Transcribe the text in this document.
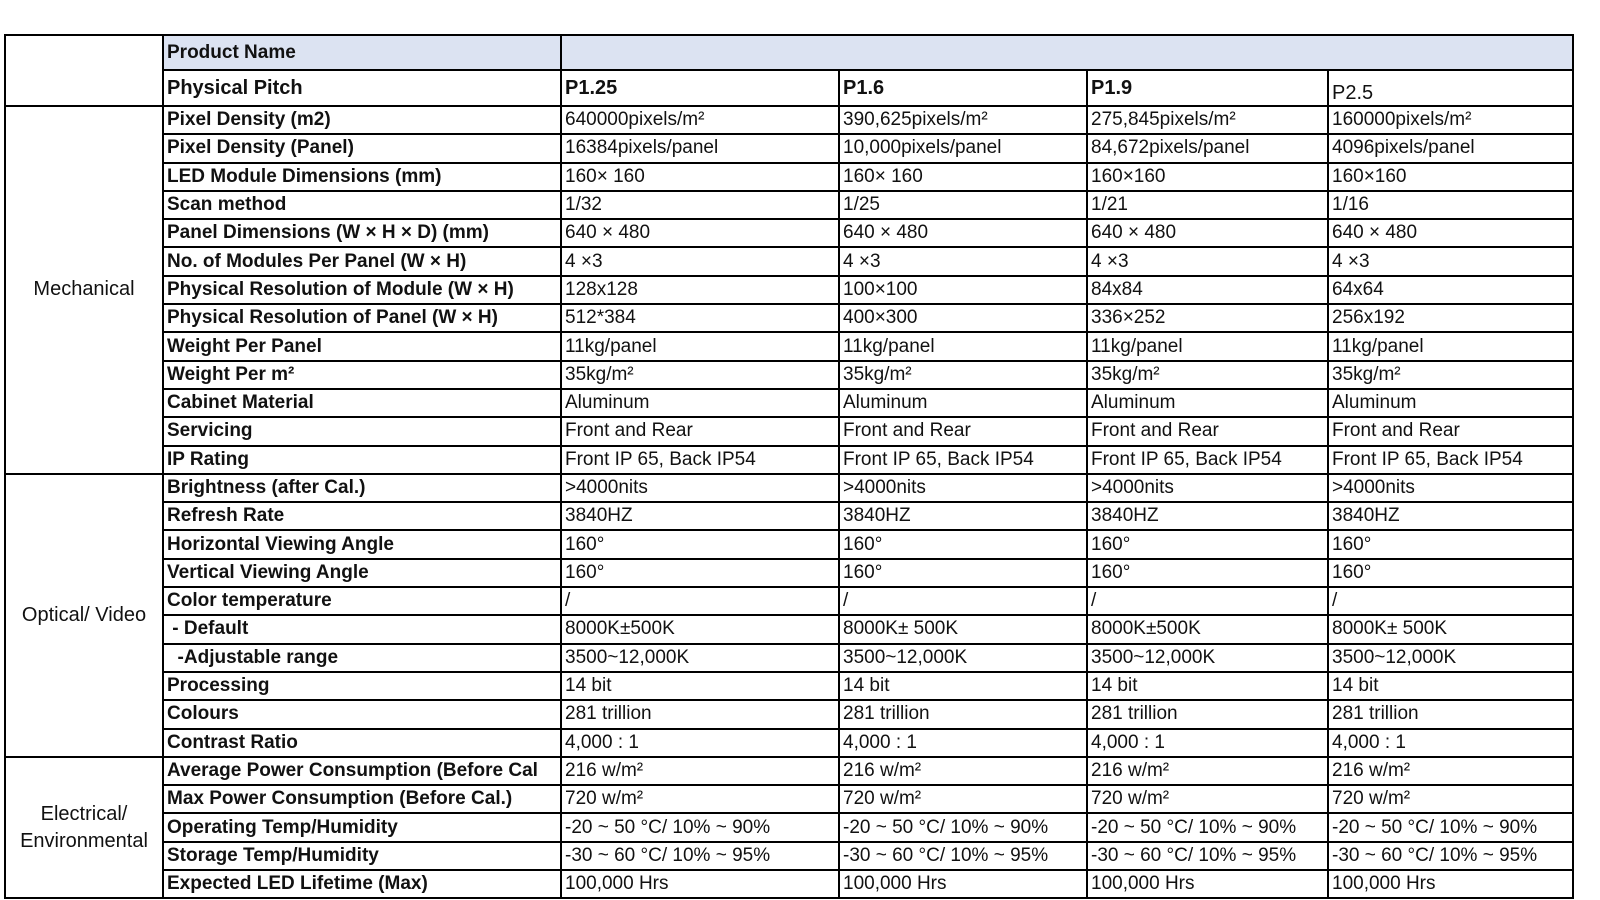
	Product Name				
	Physical Pitch	P1.25	P1.6	P1.9	P2.5
Mechanical	Pixel Density (m2)	640000pixels/m²	390,625pixels/m²	275,845pixels/m²	160000pixels/m²
	Pixel Density (Panel)	16384pixels/panel	10,000pixels/panel	84,672pixels/panel	4096pixels/panel
	LED Module Dimensions (mm)	160× 160	160× 160	160×160	160×160
	Scan method	1/32	1/25	1/21	1/16
	Panel Dimensions (W × H × D) (mm)	640 × 480	640 × 480	640 × 480	640 × 480
	No. of Modules Per Panel (W × H)	4 ×3	4 ×3	4 ×3	4 ×3
	Physical Resolution of Module (W × H)	128x128	100×100	84x84	64x64
	Physical Resolution of Panel (W × H)	512*384	400×300	336×252	256x192
	Weight Per Panel	11kg/panel	11kg/panel	11kg/panel	11kg/panel
	Weight Per m²	35kg/m²	35kg/m²	35kg/m²	35kg/m²
	Cabinet Material	Aluminum	Aluminum	Aluminum	Aluminum
	Servicing	Front and Rear	Front and Rear	Front and Rear	Front and Rear
	IP Rating	Front IP 65, Back IP54	Front IP 65, Back IP54	Front IP 65, Back IP54	Front IP 65, Back IP54
Optical/ Video	Brightness (after Cal.)	>4000nits	>4000nits	>4000nits	>4000nits
	Refresh Rate	3840HZ	3840HZ	3840HZ	3840HZ
	Horizontal Viewing Angle	160°	160°	160°	160°
	Vertical Viewing Angle	160°	160°	160°	160°
	Color temperature	/	/	/	/
	- Default	8000K±500K	8000K± 500K	8000K±500K	8000K± 500K
	-Adjustable range	3500~12,000K	3500~12,000K	3500~12,000K	3500~12,000K
	Processing	14 bit	14 bit	14 bit	14 bit
	Colours	281 trillion	281 trillion	281 trillion	281 trillion
	Contrast Ratio	4,000 : 1	4,000 : 1	4,000 : 1	4,000 : 1
Electrical/ Environmental	Average Power Consumption (Before Cal	216 w/m²	216 w/m²	216 w/m²	216 w/m²
	Max Power Consumption (Before Cal.)	720 w/m²	720 w/m²	720 w/m²	720 w/m²
	Operating Temp/Humidity	-20 ~ 50 °C/ 10% ~ 90%	-20 ~ 50 °C/ 10% ~ 90%	-20 ~ 50 °C/ 10% ~ 90%	-20 ~ 50 °C/ 10% ~ 90%
	Storage Temp/Humidity	-30 ~ 60 °C/ 10% ~ 95%	-30 ~ 60 °C/ 10% ~ 95%	-30 ~ 60 °C/ 10% ~ 95%	-30 ~ 60 °C/ 10% ~ 95%
	Expected LED Lifetime (Max)	100,000 Hrs	100,000 Hrs	100,000 Hrs	100,000 Hrs
